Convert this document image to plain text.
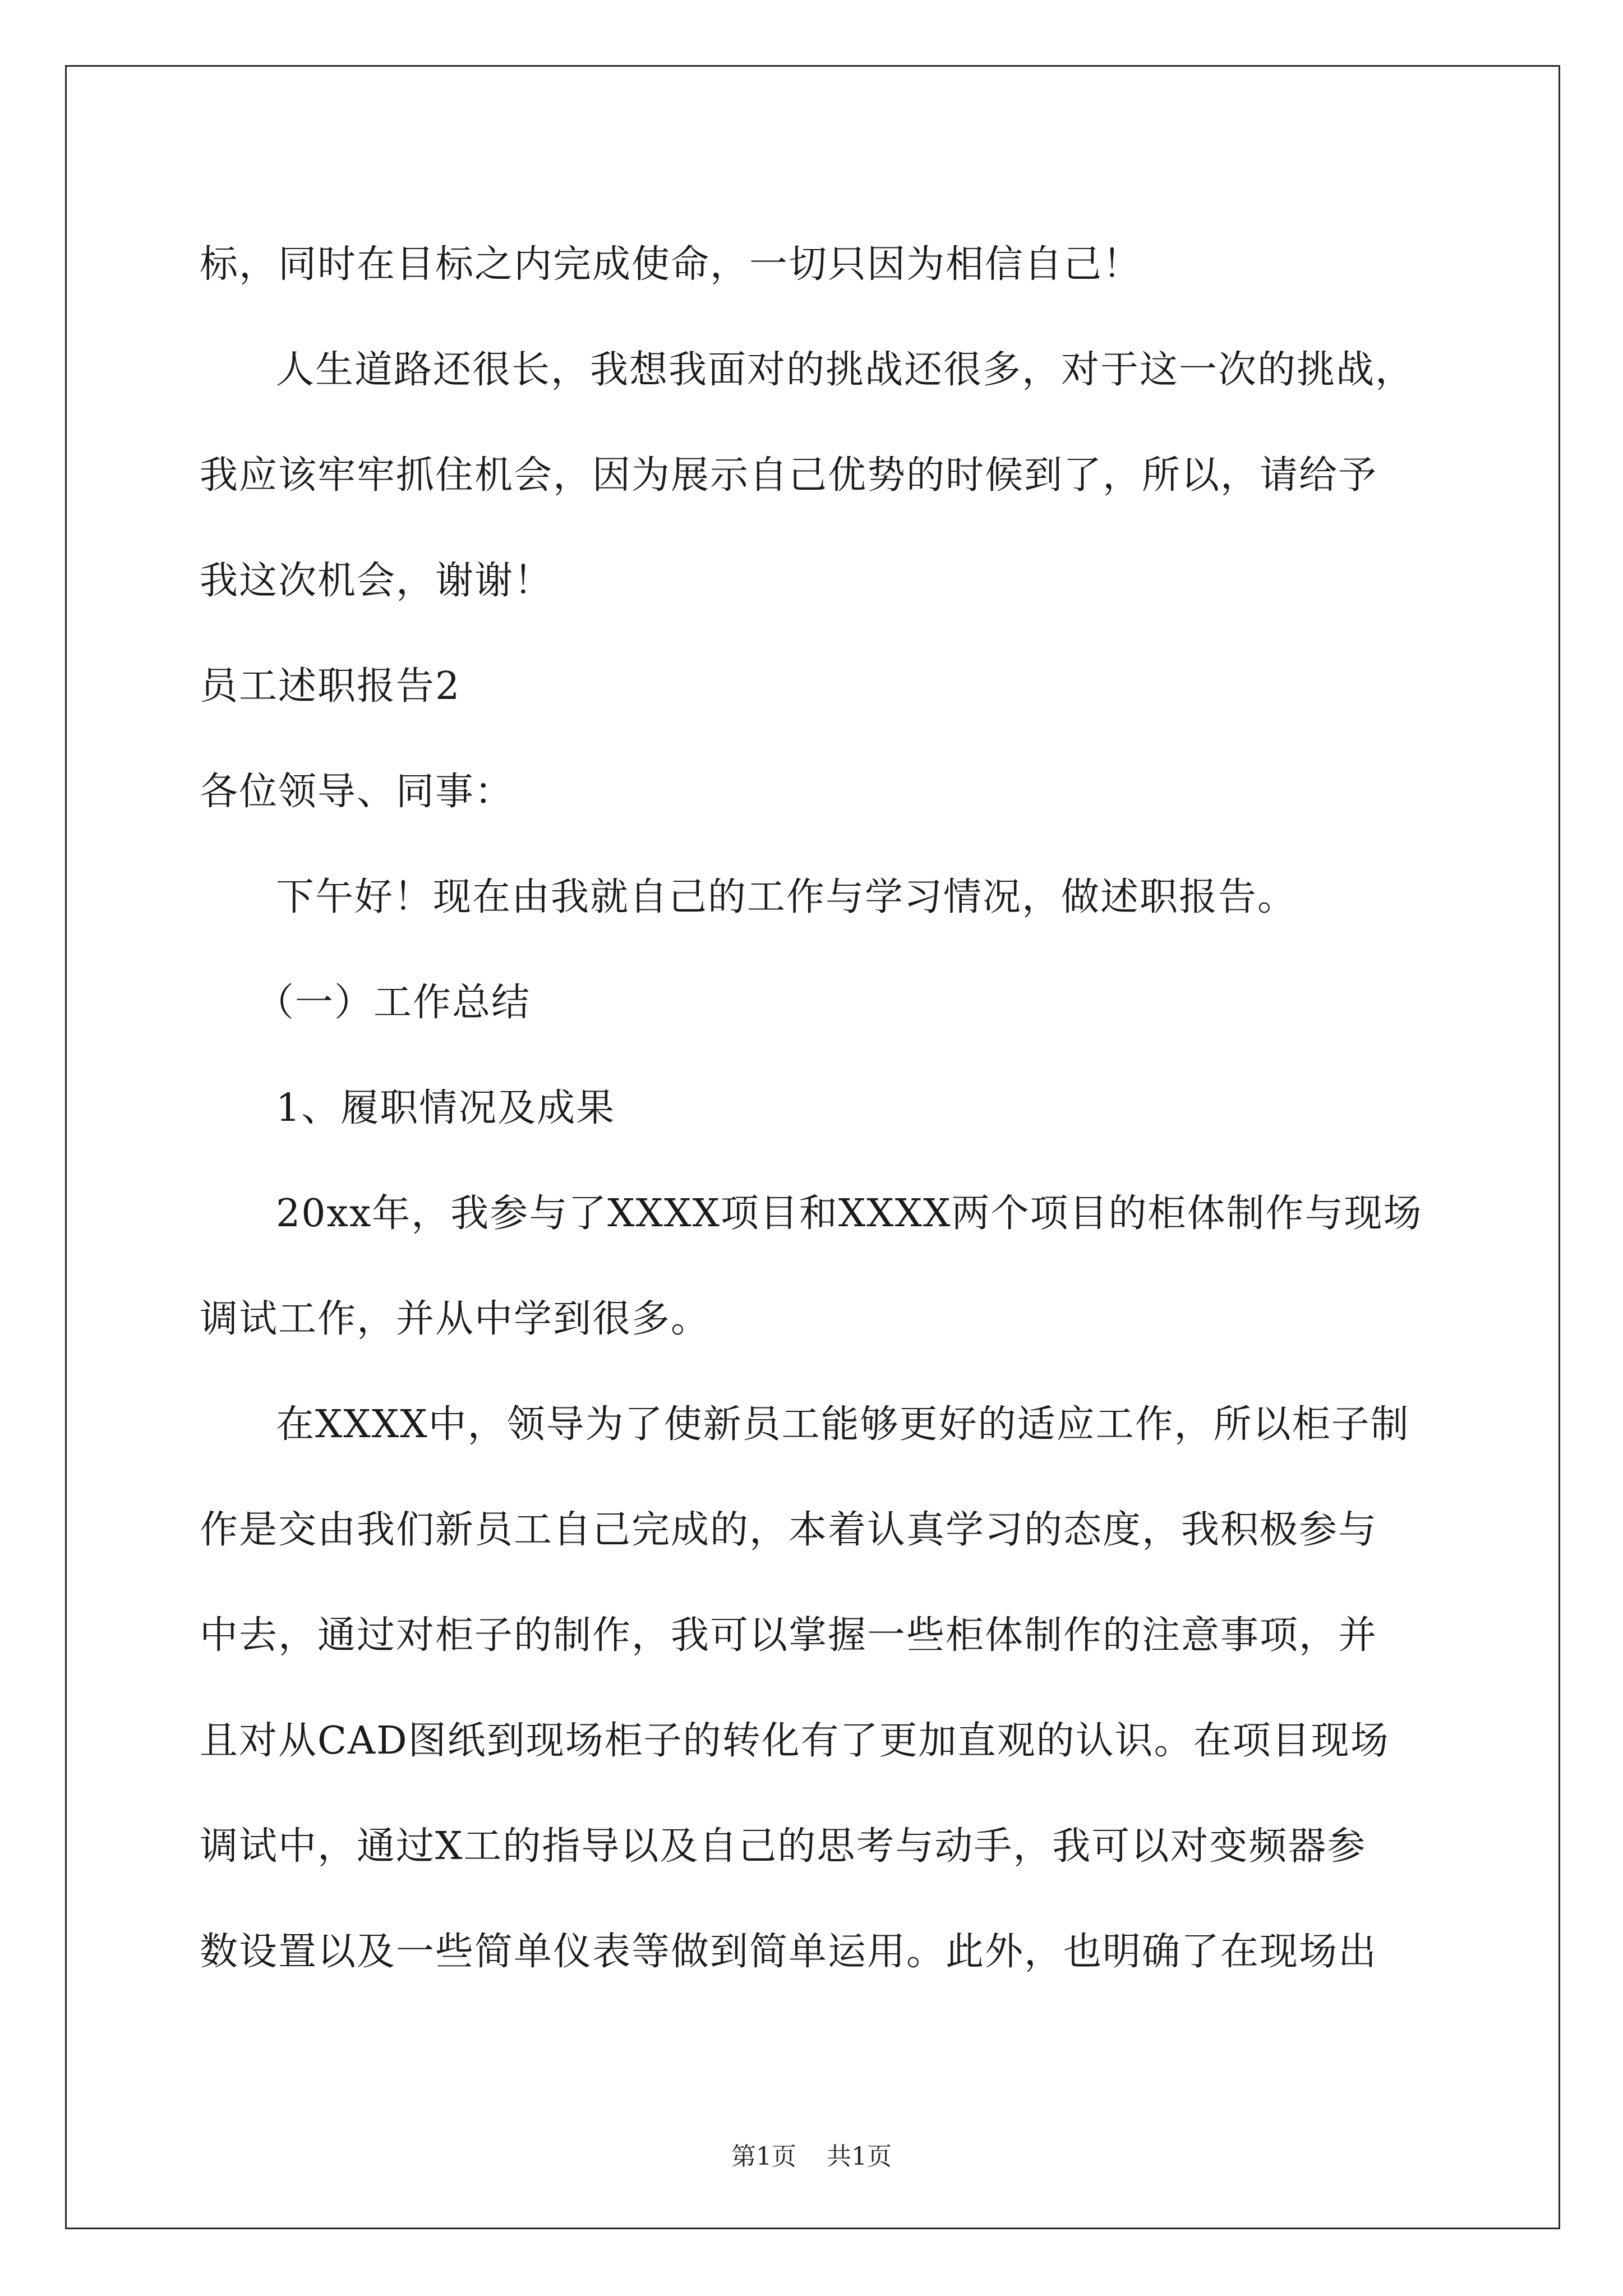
标，同时在目标之内完成使命，一切只因为相信自己！
人生道路还很长，我想我面对的挑战还很多，对于这一次的挑战，
我应该牢牢抓住机会，因为展示自己优势的时候到了，所以，请给予
我这次机会，谢谢！
员工述职报告2
各位领导、同事：
下午好！现在由我就自己的工作与学习情况，做述职报告。
（一）工作总结
1、履职情况及成果
20xx年，我参与了XXXX项目和XXXX两个项目的柜体制作与现场
调试工作，并从中学到很多。
在XXXX中，领导为了使新员工能够更好的适应工作，所以柜子制
作是交由我们新员工自己完成的，本着认真学习的态度，我积极参与
中去，通过对柜子的制作，我可以掌握一些柜体制作的注意事项，并
且对从CAD图纸到现场柜子的转化有了更加直观的认识。在项目现场
调试中，通过X工的指导以及自己的思考与动手，我可以对变频器参
数设置以及一些简单仪表等做到简单运用。此外，也明确了在现场出
第1页 共1页
